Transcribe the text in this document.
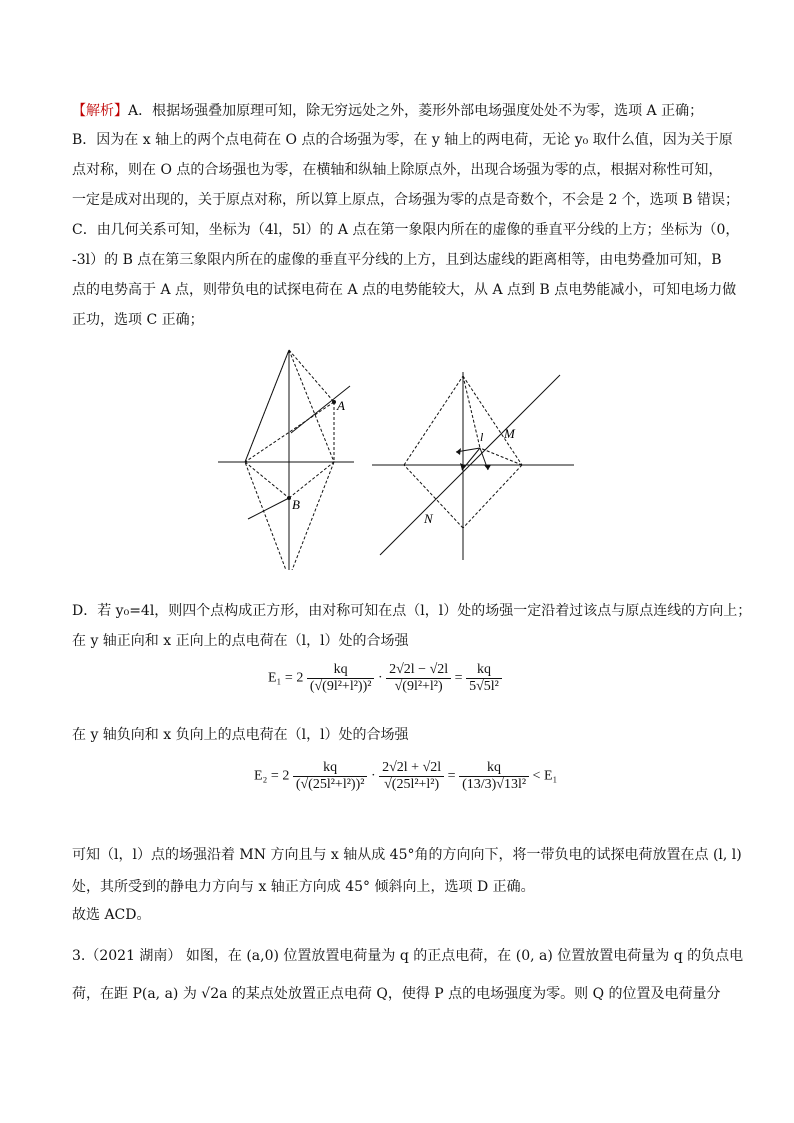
【解析】A．根据场强叠加原理可知，除无穷远处之外，菱形外部电场强度处处不为零，选项 A 正确；
B．因为在 x 轴上的两个点电荷在 O 点的合场强为零，在 y 轴上的两电荷，无论 y₀ 取什么值，因为关于原
点对称，则在 O 点的合场强也为零，在横轴和纵轴上除原点外，出现合场强为零的点，根据对称性可知，
一定是成对出现的，关于原点对称，所以算上原点，合场强为零的点是奇数个，不会是 2 个，选项 B 错误；
C．由几何关系可知，坐标为（4l，5l）的 A 点在第一象限内所在的虚像的垂直平分线的上方；坐标为（0，
-3l）的 B 点在第三象限内所在的虚像的垂直平分线的上方，且到达虚线的距离相等，由电势叠加可知，B
点的电势高于 A 点，则带负电的试探电荷在 A 点的电势能较大，从 A 点到 B 点电势能减小，可知电场力做
正功，选项 C 正确；
A
B
l M
N
D．若 y₀=4l，则四个点构成正方形，由对称可知在点（l，l）处的场强一定沿着过该点与原点连线的方向上；
在 y 轴正向和 x 正向上的点电荷在（l，l）处的合场强
$E_1 = 2 \frac{kq}{\text{(√(9l²+l²))²}} \cdot \frac{2√2l - √2l}{\text{√(9l²+l²)}} = \frac{kq}{\text{5√5l²}}$
在 y 轴负向和 x 负向上的点电荷在（l，l）处的合场强
$E_2 = 2 \frac{kq}{\text{(√(25l²+l²))²}} \cdot \frac{2√2l + √2l}{\text{√(25l²+l²)}} = \frac{kq}{\text{(13/3)√13l²}} < E_1$
可知（l，l）点的场强沿着 MN 方向且与 x 轴从成 45°角的方向向下，将一带负电的试探电荷放置在点 (l, l)
处，其所受到的静电力方向与 x 轴正方向成 45° 倾斜向上，选项 D 正确。
故选 ACD。
3.（2021 湖南） 如图，在 (a,0) 位置放置电荷量为 q 的正点电荷，在 (0, a) 位置放置电荷量为 q 的负点电
荷，在距 P(a, a) 为 √2a 的某点处放置正点电荷 Q，使得 P 点的电场强度为零。则 Q 的位置及电荷量分
